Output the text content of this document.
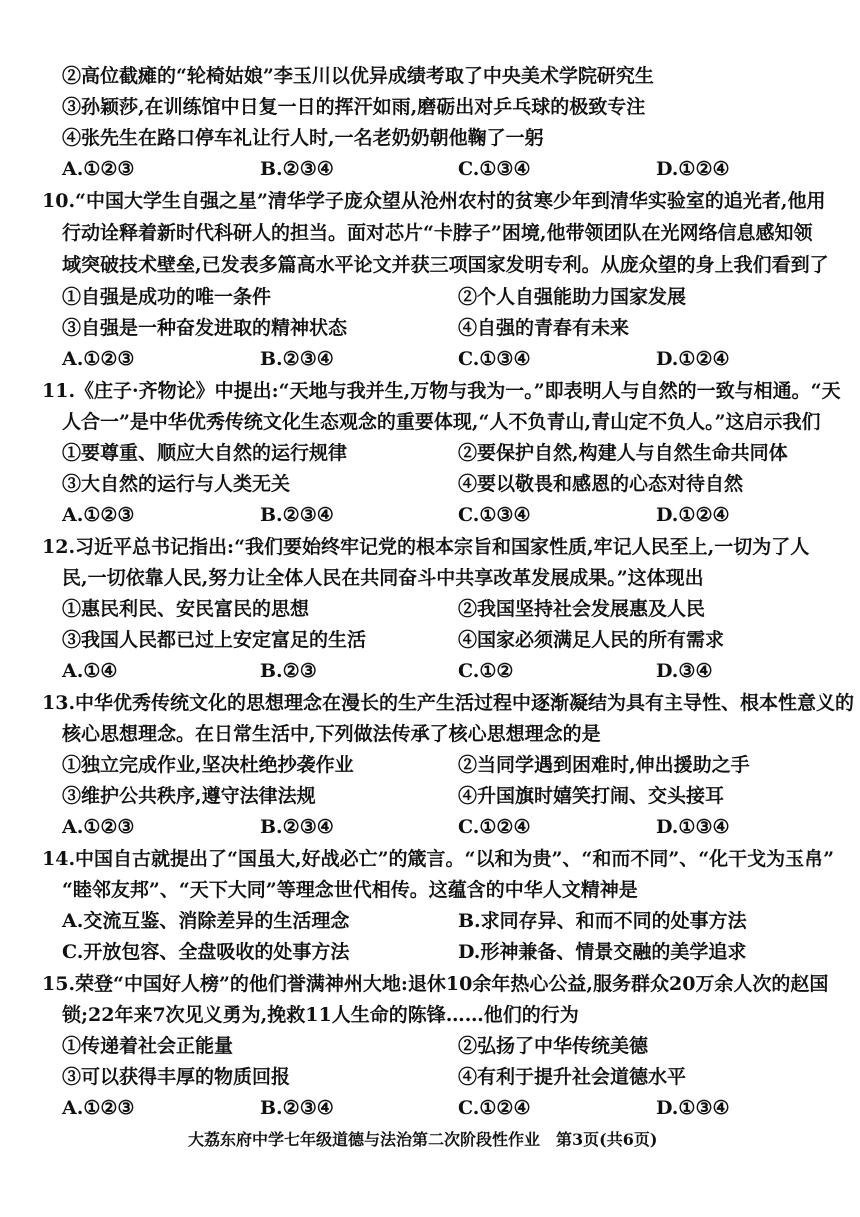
②高位截瘫的“轮椅姑娘”李玉川以优异成绩考取了中央美术学院研究生
③孙颖莎,在训练馆中日复一日的挥汗如雨,磨砺出对乒乓球的极致专注
④张先生在路口停车礼让行人时,一名老奶奶朝他鞠了一躬
A.①②③	B.②③④	C.①③④	D.①②④
10.“中国大学生自强之星”清华学子庞众望从沧州农村的贫寒少年到清华实验室的追光者,他用
行动诠释着新时代科研人的担当。面对芯片“卡脖子”困境,他带领团队在光网络信息感知领
域突破技术壁垒,已发表多篇高水平论文并获三项国家发明专利。从庞众望的身上我们看到了
①自强是成功的唯一条件	②个人自强能助力国家发展
③自强是一种奋发进取的精神状态	④自强的青春有未来
A.①②③	B.②③④	C.①③④	D.①②④
11.《庄子·齐物论》中提出:“天地与我并生,万物与我为一。”即表明人与自然的一致与相通。“天
人合一”是中华优秀传统文化生态观念的重要体现,“人不负青山,青山定不负人。”这启示我们
①要尊重、顺应大自然的运行规律	②要保护自然,构建人与自然生命共同体
③大自然的运行与人类无关	④要以敬畏和感恩的心态对待自然
A.①②③	B.②③④	C.①③④	D.①②④
12.习近平总书记指出:“我们要始终牢记党的根本宗旨和国家性质,牢记人民至上,一切为了人
民,一切依靠人民,努力让全体人民在共同奋斗中共享改革发展成果。”这体现出
①惠民利民、安民富民的思想	②我国坚持社会发展惠及人民
③我国人民都已过上安定富足的生活	④国家必须满足人民的所有需求
A.①④	B.②③	C.①②	D.③④
13.中华优秀传统文化的思想理念在漫长的生产生活过程中逐渐凝结为具有主导性、根本性意义的
核心思想理念。在日常生活中,下列做法传承了核心思想理念的是
①独立完成作业,坚决杜绝抄袭作业	②当同学遇到困难时,伸出援助之手
③维护公共秩序,遵守法律法规	④升国旗时嬉笑打闹、交头接耳
A.①②③	B.②③④	C.①②④	D.①③④
14.中国自古就提出了“国虽大,好战必亡”的箴言。“以和为贵”、“和而不同”、“化干戈为玉帛”
“睦邻友邦”、“天下大同”等理念世代相传。这蕴含的中华人文精神是
A.交流互鉴、消除差异的生活理念	B.求同存异、和而不同的处事方法
C.开放包容、全盘吸收的处事方法	D.形神兼备、情景交融的美学追求
15.荣登“中国好人榜”的他们誉满神州大地:退休10余年热心公益,服务群众20万余人次的赵国
锁;22年来7次见义勇为,挽救11人生命的陈锋……他们的行为
①传递着社会正能量	②弘扬了中华传统美德
③可以获得丰厚的物质回报	④有利于提升社会道德水平
A.①②③	B.②③④	C.①②④	D.①③④
大荔东府中学七年级道德与法治第二次阶段性作业　第3页(共6页)
